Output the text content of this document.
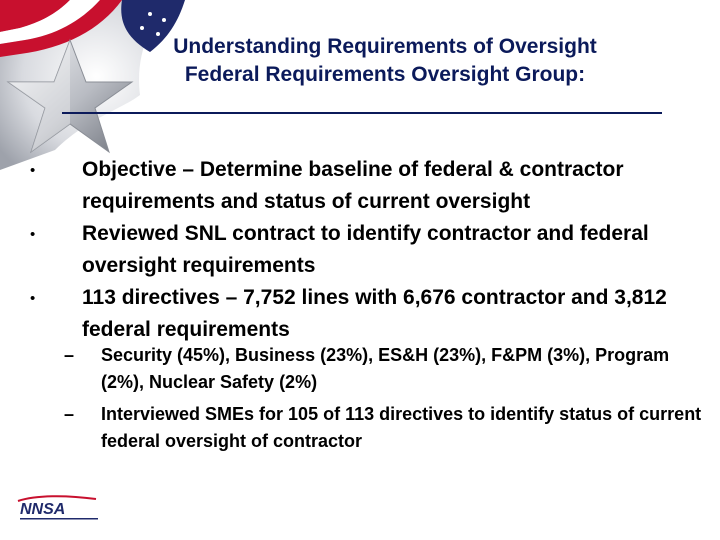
Understanding Requirements of Oversight
Federal Requirements Oversight Group:
• Objective – Determine baseline of federal & contractor requirements and status of current oversight
• Reviewed SNL contract to identify contractor and federal oversight requirements
• 113 directives – 7,752 lines with 6,676 contractor and 3,812 federal requirements
– Security (45%), Business (23%), ES&H (23%), F&PM (3%), Program (2%), Nuclear Safety (2%)
– Interviewed SMEs for 105 of 113 directives to identify status of current federal oversight of contractor
NNSA
